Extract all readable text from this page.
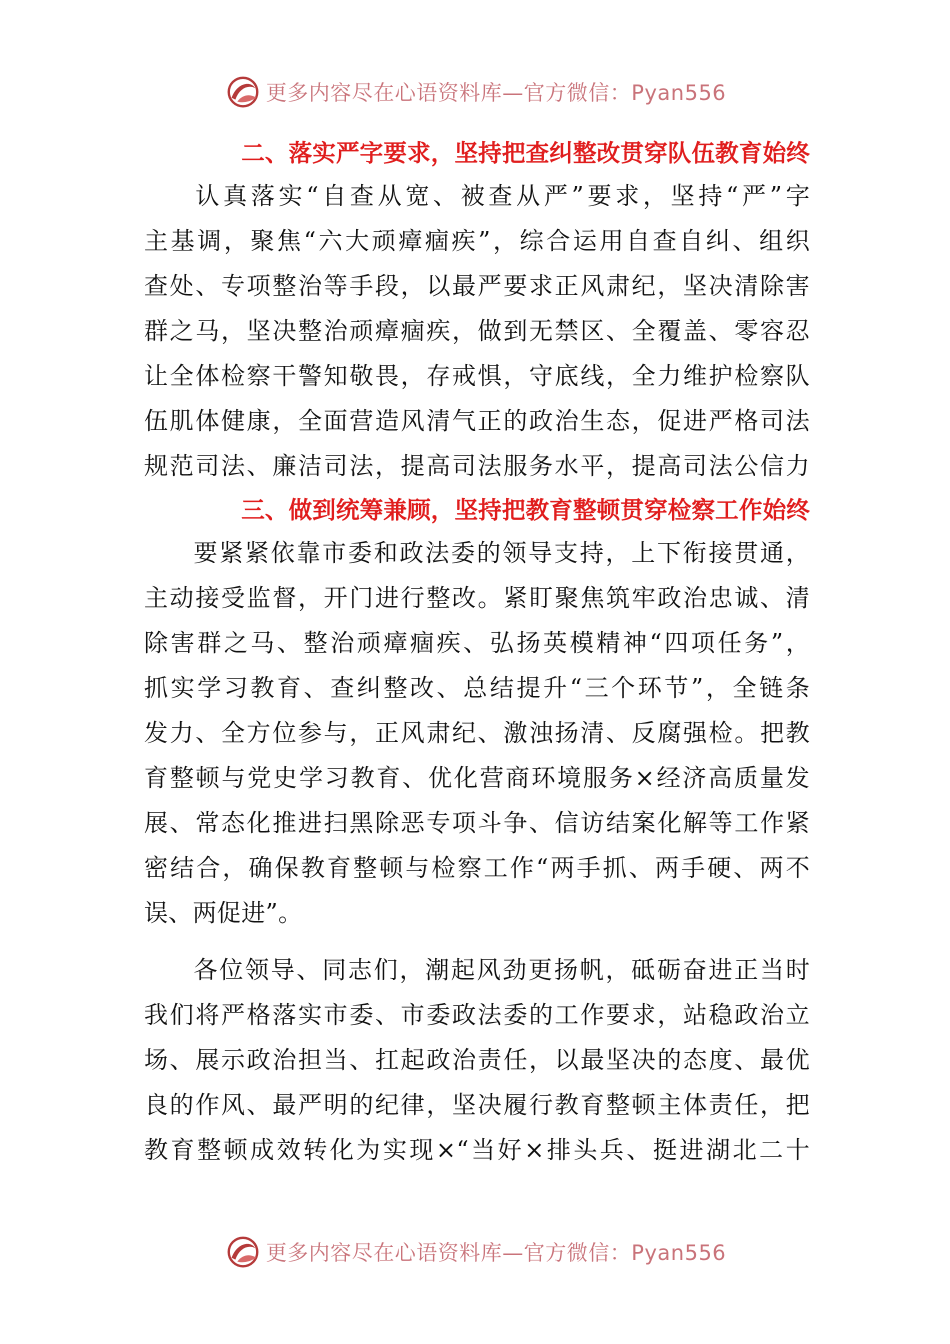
更多内容尽在心语资料库—官方微信：Pyan556
二、落实严字要求，坚持把查纠整改贯穿队伍教育始终
认真落实“自查从宽、被查从严”要求，坚持“严”字
主基调，聚焦“六大顽瘴痼疾”，综合运用自查自纠、组织
查处、专项整治等手段，以最严要求正风肃纪，坚决清除害
群之马，坚决整治顽瘴痼疾，做到无禁区、全覆盖、零容忍
让全体检察干警知敬畏，存戒惧，守底线，全力维护检察队
伍肌体健康，全面营造风清气正的政治生态，促进严格司法
规范司法、廉洁司法，提高司法服务水平，提高司法公信力
三、做到统筹兼顾，坚持把教育整顿贯穿检察工作始终
要紧紧依靠市委和政法委的领导支持，上下衔接贯通，
主动接受监督，开门进行整改。紧盯聚焦筑牢政治忠诚、清
除害群之马、整治顽瘴痼疾、弘扬英模精神“四项任务”，
抓实学习教育、查纠整改、总结提升“三个环节”，全链条
发力、全方位参与，正风肃纪、激浊扬清、反腐强检。把教
育整顿与党史学习教育、优化营商环境服务×经济高质量发
展、常态化推进扫黑除恶专项斗争、信访结案化解等工作紧
密结合，确保教育整顿与检察工作“两手抓、两手硬、两不
误、两促进”。
各位领导、同志们，潮起风劲更扬帆，砥砺奋进正当时
我们将严格落实市委、市委政法委的工作要求，站稳政治立
场、展示政治担当、扛起政治责任，以最坚决的态度、最优
良的作风、最严明的纪律，坚决履行教育整顿主体责任，把
教育整顿成效转化为实现×“当好×排头兵、挺进湖北二十
更多内容尽在心语资料库—官方微信：Pyan556
